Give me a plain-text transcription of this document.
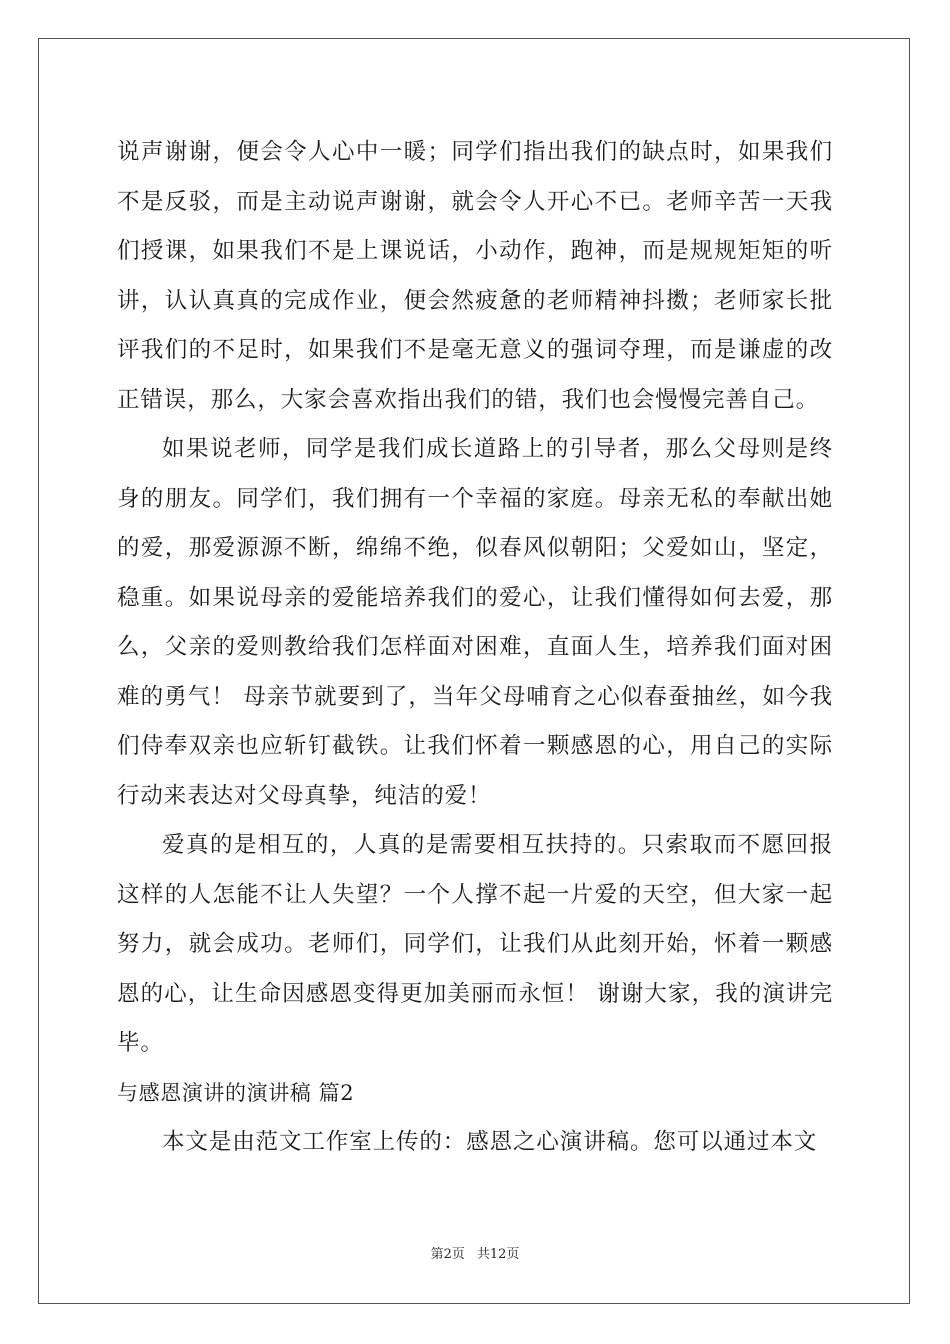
说声谢谢，便会令人心中一暖；同学们指出我们的缺点时，如果我们不是反驳，而是主动说声谢谢，就会令人开心不已。老师辛苦一天我们授课，如果我们不是上课说话，小动作，跑神，而是规规矩矩的听讲，认认真真的完成作业，便会然疲惫的老师精神抖擞；老师家长批评我们的不足时，如果我们不是毫无意义的强词夺理，而是谦虚的改正错误，那么，大家会喜欢指出我们的错，我们也会慢慢完善自己。

如果说老师，同学是我们成长道路上的引导者，那么父母则是终身的朋友。同学们，我们拥有一个幸福的家庭。母亲无私的奉献出她的爱，那爱源源不断，绵绵不绝，似春风似朝阳；父爱如山，坚定，稳重。如果说母亲的爱能培养我们的爱心，让我们懂得如何去爱，那么，父亲的爱则教给我们怎样面对困难，直面人生，培养我们面对困难的勇气！ 母亲节就要到了，当年父母哺育之心似春蚕抽丝，如今我们侍奉双亲也应斩钉截铁。让我们怀着一颗感恩的心，用自己的实际行动来表达对父母真挚，纯洁的爱！

爱真的是相互的，人真的是需要相互扶持的。只索取而不愿回报这样的人怎能不让人失望？一个人撑不起一片爱的天空，但大家一起努力，就会成功。老师们，同学们，让我们从此刻开始，怀着一颗感恩的心，让生命因感恩变得更加美丽而永恒！ 谢谢大家，我的演讲完毕。

与感恩演讲的演讲稿 篇2

本文是由范文工作室上传的：感恩之心演讲稿。您可以通过本文

第2页 共12页
